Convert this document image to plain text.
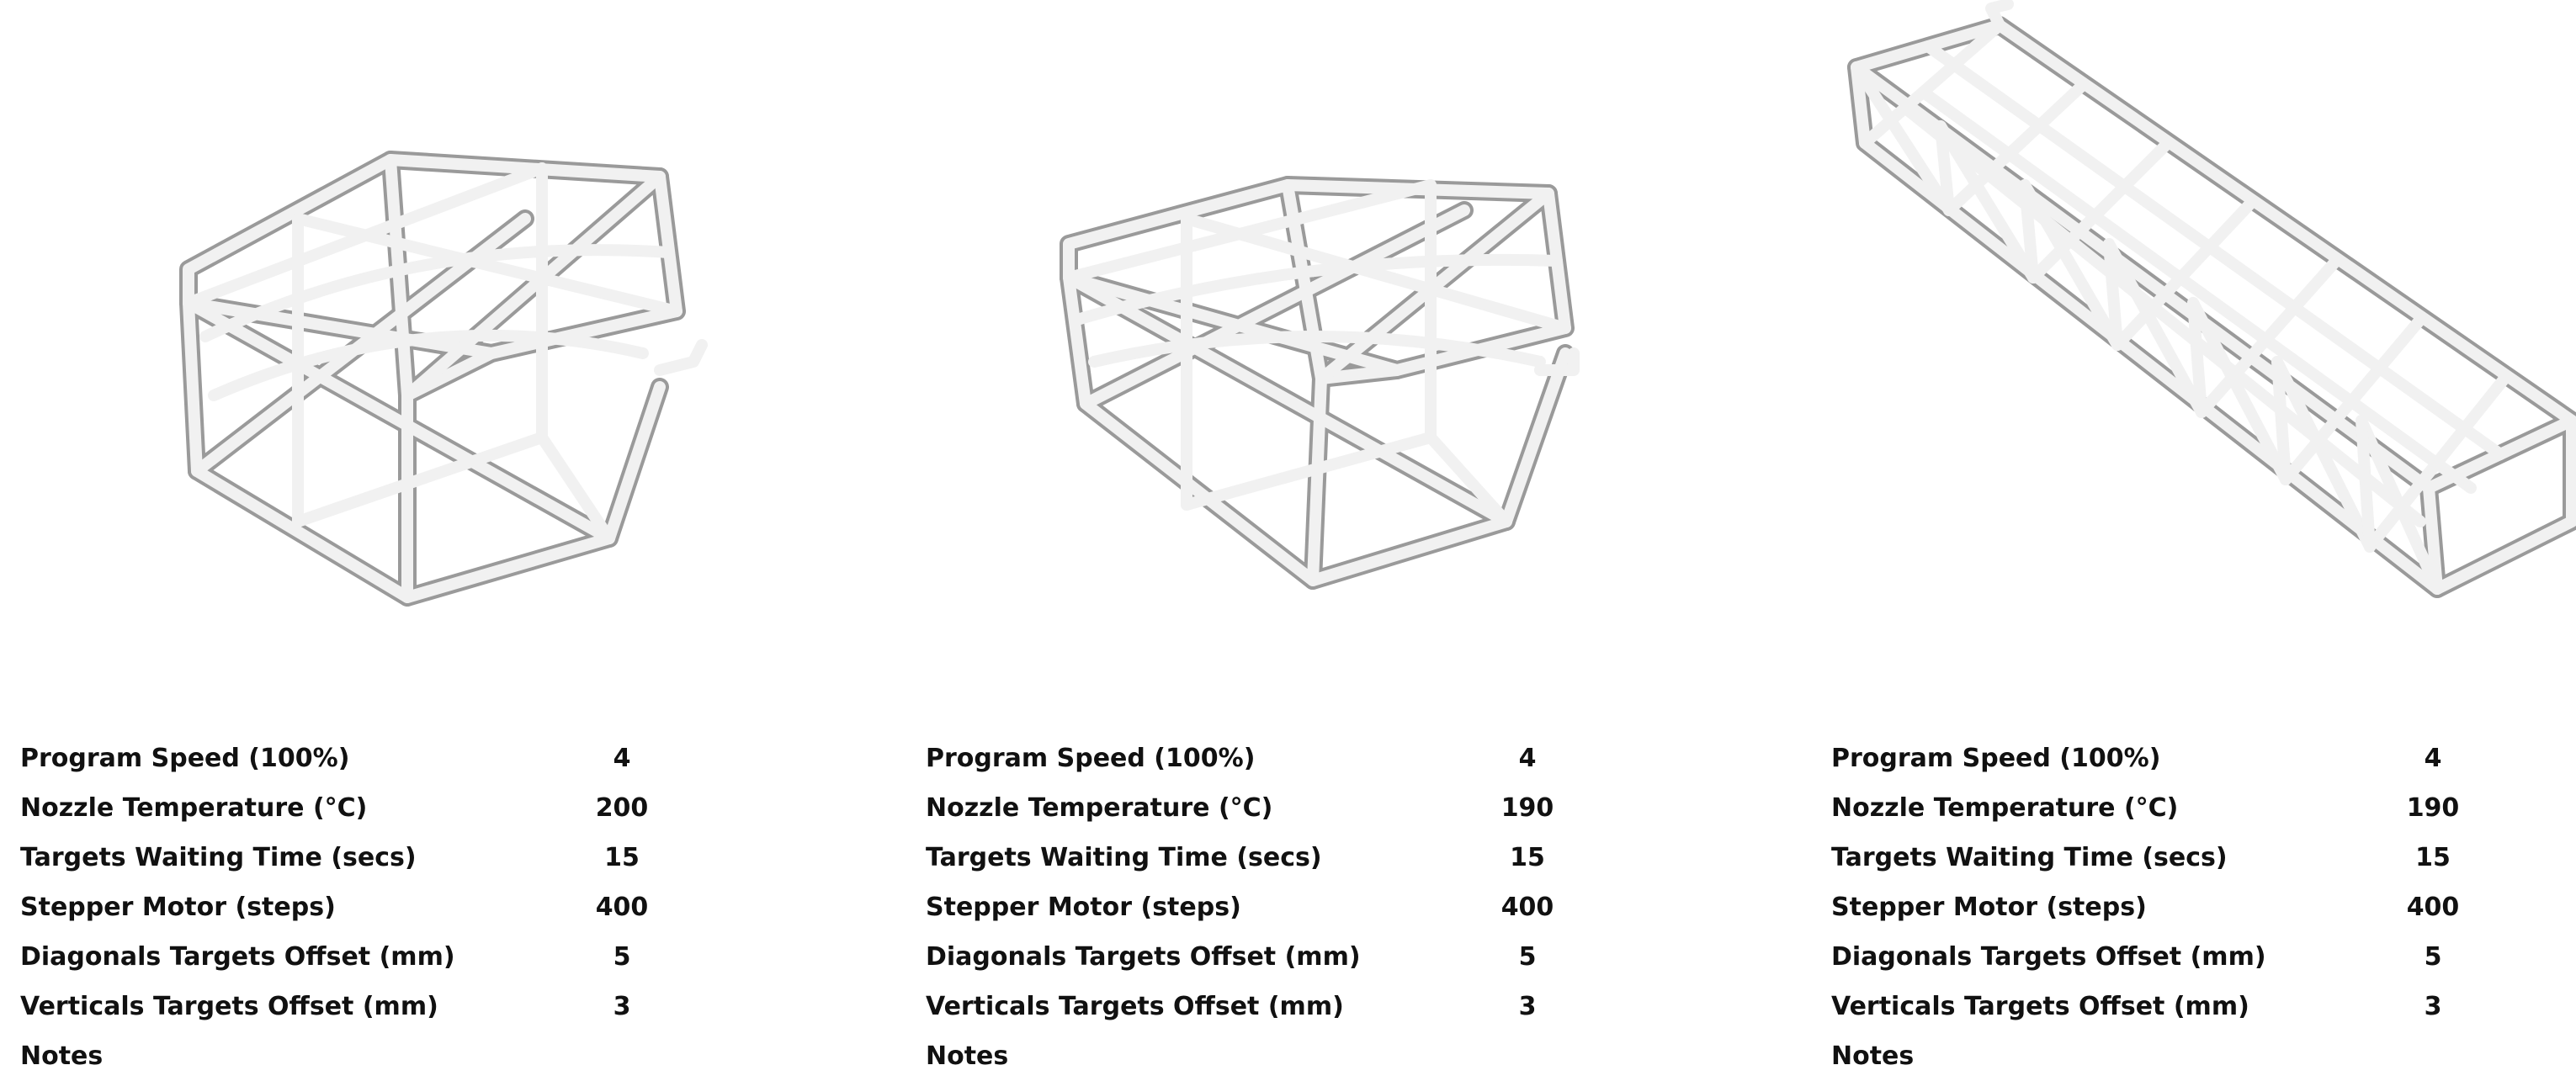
Program Speed (100%)	4
Nozzle Temperature (°C)	200
Targets Waiting Time (secs)	15
Stepper Motor (steps)	400
Diagonals Targets Offset (mm)	5
Verticals Targets Offset (mm)	3
Notes
Program Speed (100%)	4
Nozzle Temperature (°C)	190
Targets Waiting Time (secs)	15
Stepper Motor (steps)	400
Diagonals Targets Offset (mm)	5
Verticals Targets Offset (mm)	3
Notes
Program Speed (100%)	4
Nozzle Temperature (°C)	190
Targets Waiting Time (secs)	15
Stepper Motor (steps)	400
Diagonals Targets Offset (mm)	5
Verticals Targets Offset (mm)	3
Notes
